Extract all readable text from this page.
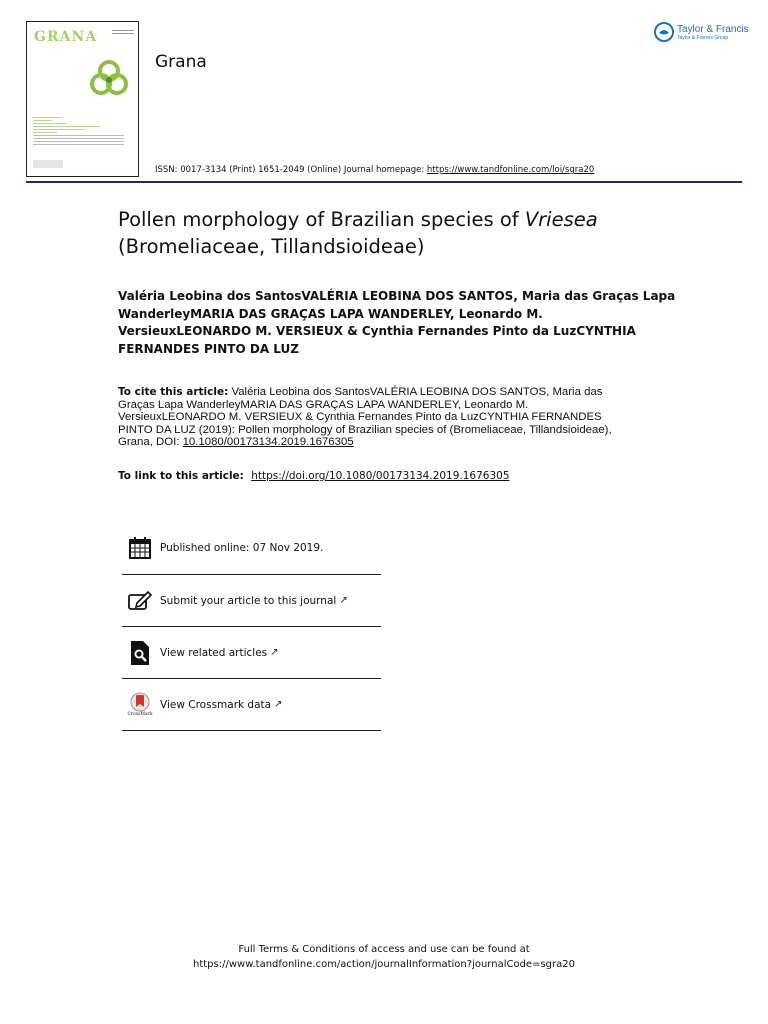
GRANA
Grana
Taylor & Francis
Taylor & Francis Group
ISSN: 0017-3134 (Print) 1651-2049 (Online) Journal homepage: https://www.tandfonline.com/loi/sgra20
Pollen morphology of Brazilian species of Vriesea (Bromeliaceae, Tillandsioideae)
Valéria Leobina dos SantosVALÉRIA LEOBINA DOS SANTOS, Maria das Graças Lapa WanderleyMARIA DAS GRAÇAS LAPA WANDERLEY, Leonardo M. VersieuxLEONARDO M. VERSIEUX & Cynthia Fernandes Pinto da LuzCYNTHIA FERNANDES PINTO DA LUZ
To cite this article: Valéria Leobina dos SantosVALÉRIA LEOBINA DOS SANTOS, Maria das Graças Lapa WanderleyMARIA DAS GRAÇAS LAPA WANDERLEY, Leonardo M. VersieuxLEONARDO M. VERSIEUX & Cynthia Fernandes Pinto da LuzCYNTHIA FERNANDES PINTO DA LUZ (2019): Pollen morphology of Brazilian species of (Bromeliaceae, Tillandsioideae), Grana, DOI: 10.1080/00173134.2019.1676305
To link to this article: https://doi.org/10.1080/00173134.2019.1676305
Published online: 07 Nov 2019.
Submit your article to this journal ↗︎
View related articles ↗︎
CrossMark
View Crossmark data ↗︎
Full Terms & Conditions of access and use can be found at
https://www.tandfonline.com/action/journalInformation?journalCode=sgra20
